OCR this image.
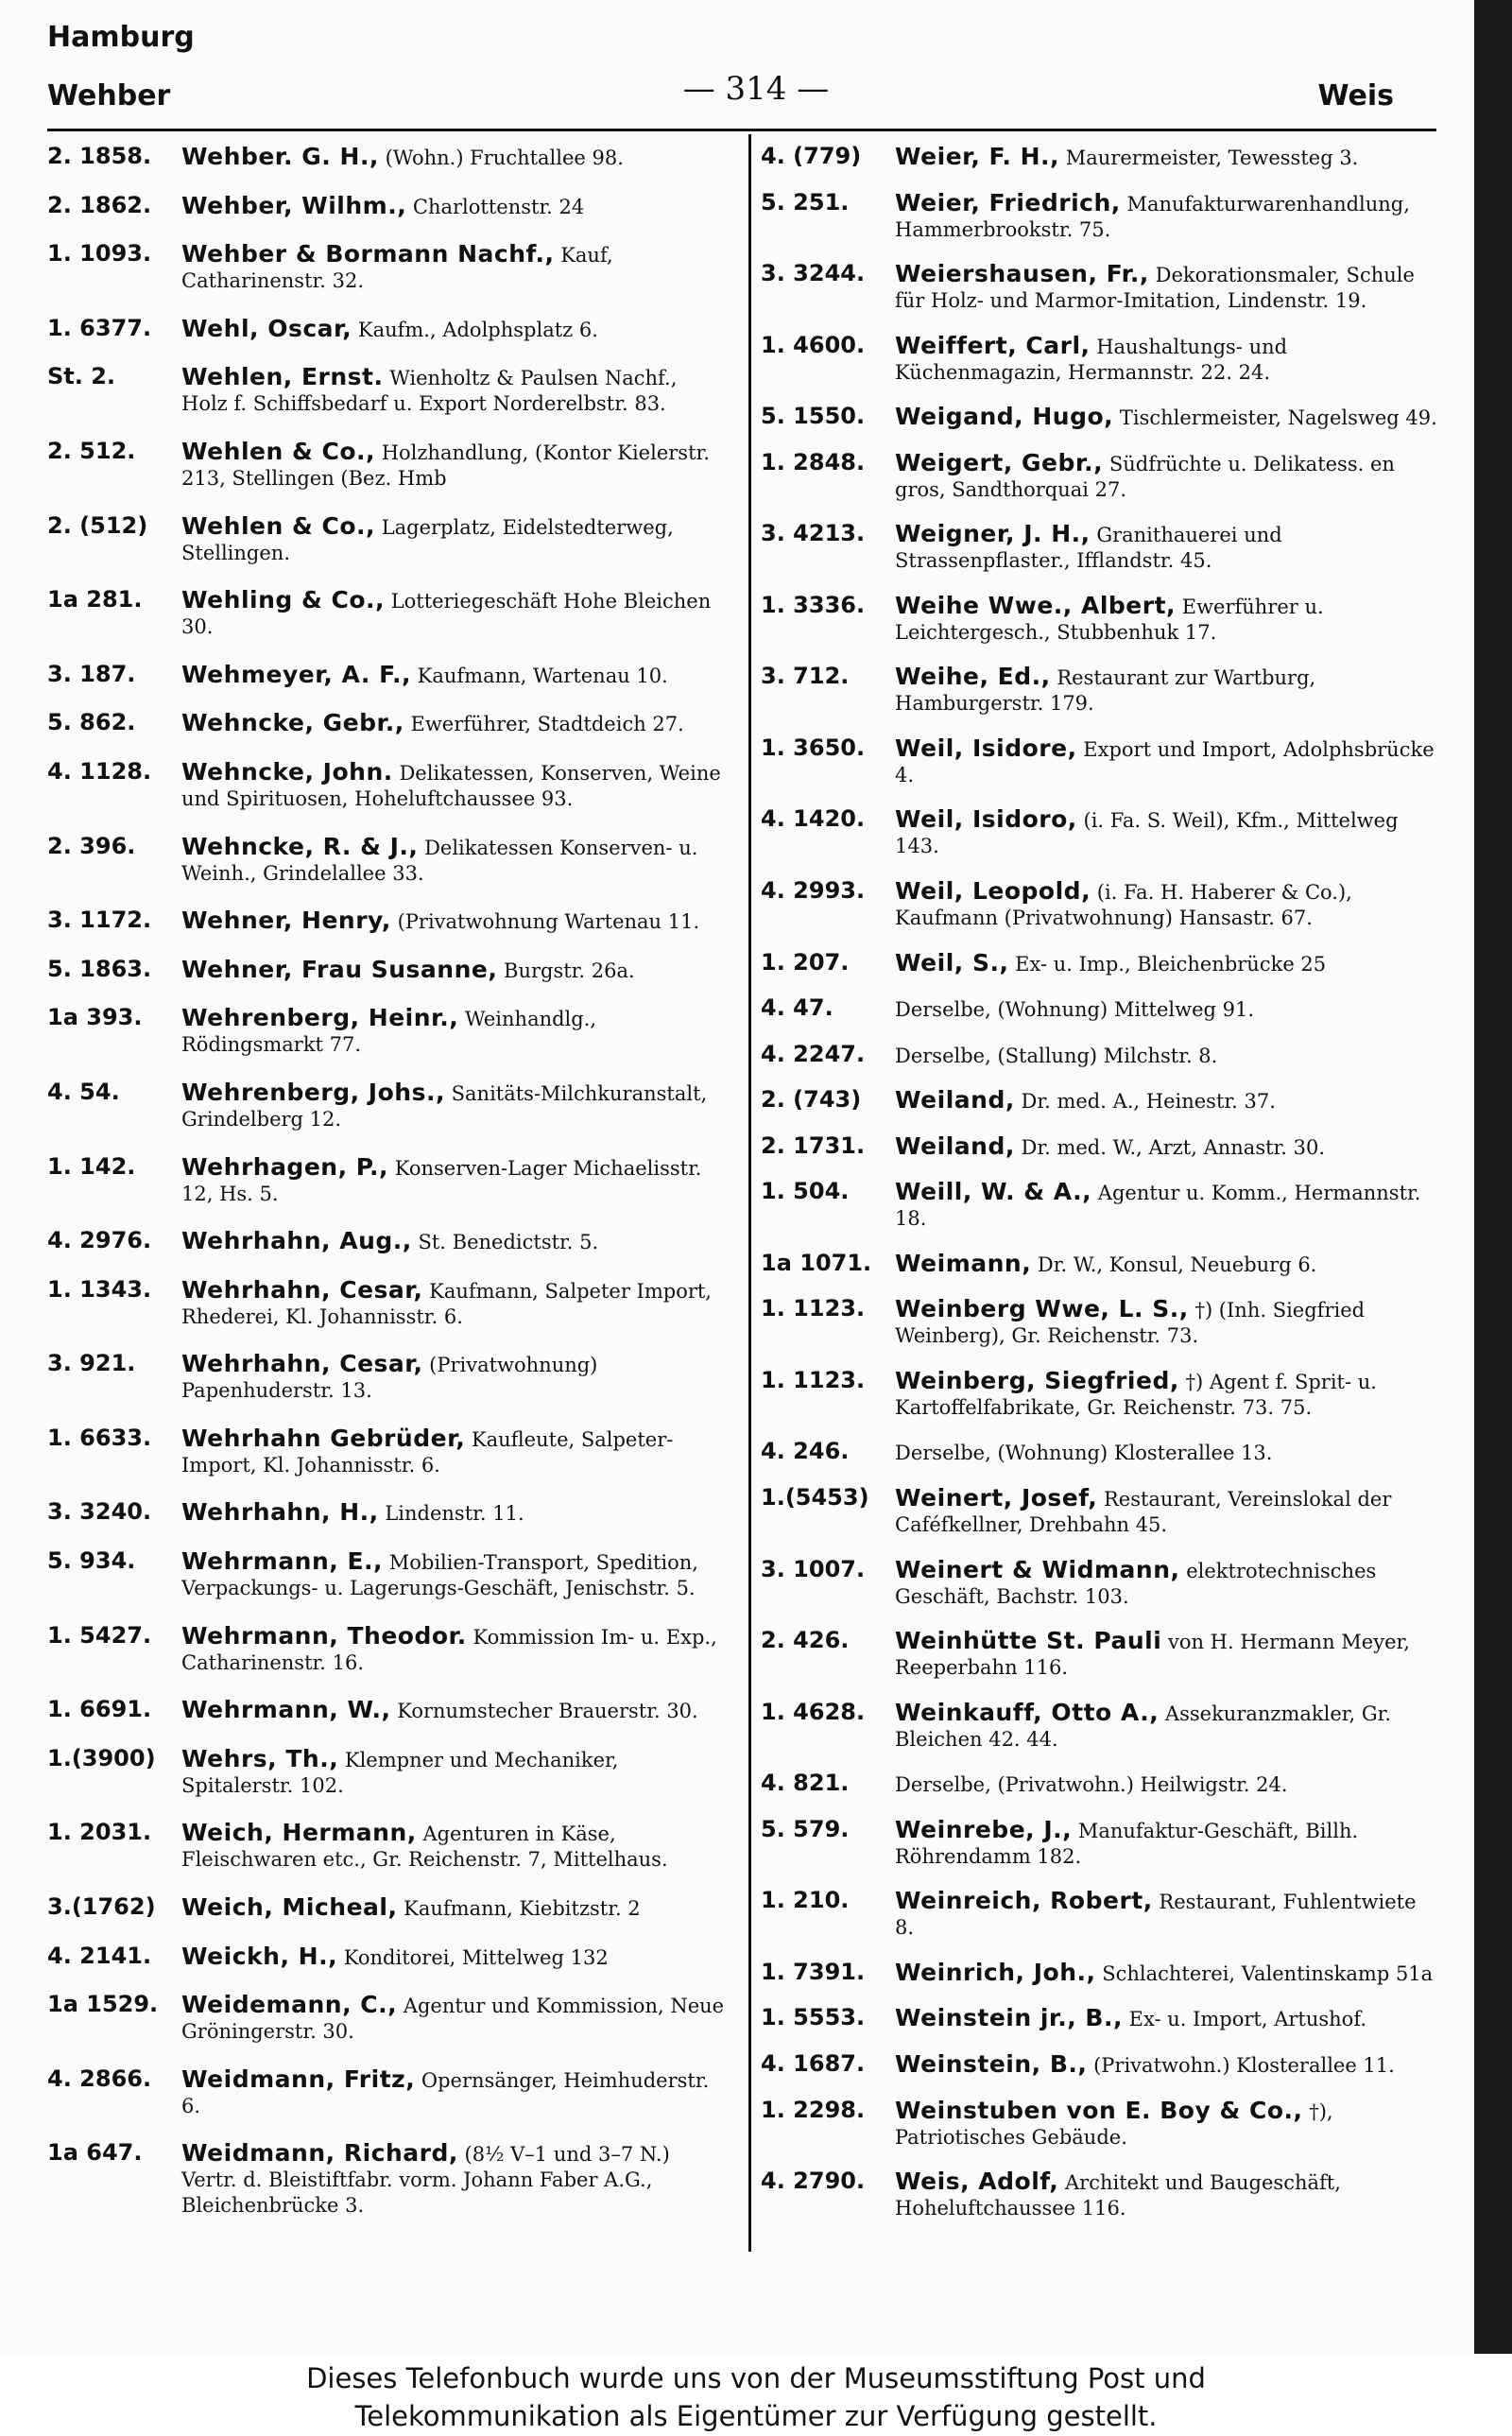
Hamburg
Wehber	— 314 —	Weis
2. 1858.	Wehber. G. H., (Wohn.) Fruchtallee 98.
2. 1862.	Wehber, Wilhm., Charlottenstr. 24
1. 1093.	Wehber & Bormann Nachf., Kauf, Catharinenstr. 32.
1. 6377.	Wehl, Oscar, Kaufm., Adolphsplatz 6.
St. 2.	Wehlen, Ernst. Wienholtz & Paulsen Nachf., Holz f. Schiffsbedarf u. Export Norderelbstr. 83.
2. 512.	Wehlen & Co., Holzhandlung, (Kontor Kielerstr. 213, Stellingen (Bez. Hmb
2. (512)	Wehlen & Co., Lagerplatz, Eidelstedterweg, Stellingen.
1a 281.	Wehling & Co., Lotteriegeschäft Hohe Bleichen 30.
3. 187.	Wehmeyer, A. F., Kaufmann, Wartenau 10.
5. 862.	Wehncke, Gebr., Ewerführer, Stadtdeich 27.
4. 1128.	Wehncke, John. Delikatessen, Konserven, Weine und Spirituosen, Hoheluftchaussee 93.
2. 396.	Wehncke, R. & J., Delikatessen Konserven- u. Weinh., Grindelallee 33.
3. 1172.	Wehner, Henry, (Privatwohnung Wartenau 11.
5. 1863.	Wehner, Frau Susanne, Burgstr. 26a.
1a 393.	Wehrenberg, Heinr., Weinhandlg., Rödingsmarkt 77.
4. 54.	Wehrenberg, Johs., Sanitäts-Milchkuranstalt, Grindelberg 12.
1. 142.	Wehrhagen, P., Konserven-Lager Michaelisstr. 12, Hs. 5.
4. 2976.	Wehrhahn, Aug., St. Benedictstr. 5.
1. 1343.	Wehrhahn, Cesar, Kaufmann, Salpeter Import, Rhederei, Kl. Johannisstr. 6.
3. 921.	Wehrhahn, Cesar, (Privatwohnung) Papenhuderstr. 13.
1. 6633.	Wehrhahn Gebrüder, Kaufleute, Salpeter-Import, Kl. Johannisstr. 6.
3. 3240.	Wehrhahn, H., Lindenstr. 11.
5. 934.	Wehrmann, E., Mobilien-Transport, Spedition, Verpackungs- u. Lagerungs-Geschäft, Jenischstr. 5.
1. 5427.	Wehrmann, Theodor. Kommission Im- u. Exp., Catharinenstr. 16.
1. 6691.	Wehrmann, W., Kornumstecher Brauerstr. 30.
1.(3900)	Wehrs, Th., Klempner und Mechaniker, Spitalerstr. 102.
1. 2031.	Weich, Hermann, Agenturen in Käse, Fleischwaren etc., Gr. Reichenstr. 7, Mittelhaus.
3.(1762)	Weich, Micheal, Kaufmann, Kiebitzstr. 2
4. 2141.	Weickh, H., Konditorei, Mittelweg 132
1a 1529. Weidemann, C., Agentur und Kommission, Neue Gröningerstr. 30.
4. 2866.	Weidmann, Fritz, Opernsänger, Heimhuderstr. 6.
1a 647.	Weidmann, Richard, (8½ V–1 und 3–7 N.) Vertr. d. Bleistiftfabr. vorm. Johann Faber A.G., Bleichenbrücke 3.
4. (779)	Weier, F. H., Maurermeister, Tewessteg 3.
5. 251.	Weier, Friedrich, Manufakturwarenhandlung, Hammerbrookstr. 75.
3. 3244.	Weiershausen, Fr., Dekorationsmaler, Schule für Holz- und Marmor-Imitation, Lindenstr. 19.
1. 4600.	Weiffert, Carl, Haushaltungs- und Küchenmagazin, Hermannstr. 22. 24.
5. 1550.	Weigand, Hugo, Tischlermeister, Nagelsweg 49.
1. 2848.	Weigert, Gebr., Südfrüchte u. Delikatess. en gros, Sandthorquai 27.
3. 4213.	Weigner, J. H., Granithauerei und Strassenpflaster., Ifflandstr. 45.
1. 3336.	Weihe Wwe., Albert, Ewerführer u. Leichtergesch., Stubbenhuk 17.
3. 712.	Weihe, Ed., Restaurant zur Wartburg, Hamburgerstr. 179.
1. 3650.	Weil, Isidore, Export und Import, Adolphsbrücke 4.
4. 1420.	Weil, Isidoro, (i. Fa. S. Weil), Kfm., Mittelweg 143.
4. 2993.	Weil, Leopold, (i. Fa. H. Haberer & Co.), Kaufmann (Privatwohnung) Hansastr. 67.
1. 207.	Weil, S., Ex- u. Imp., Bleichenbrücke 25
4. 47.	Derselbe, (Wohnung) Mittelweg 91.
4. 2247.	Derselbe, (Stallung) Milchstr. 8.
2. (743)	Weiland, Dr. med. A., Heinestr. 37.
2. 1731.	Weiland, Dr. med. W., Arzt, Annastr. 30.
1. 504.	Weill, W. & A., Agentur u. Komm., Hermannstr. 18.
1a 1071. Weimann, Dr. W., Konsul, Neueburg 6.
1. 1123.	Weinberg Wwe, L. S., †) (Inh. Siegfried Weinberg), Gr. Reichenstr. 73.
1. 1123.	Weinberg, Siegfried, †) Agent f. Sprit- u. Kartoffelfabrikate, Gr. Reichenstr. 73. 75.
4. 246.	Derselbe, (Wohnung) Klosterallee 13.
1.(5453)	Weinert, Josef, Restaurant, Vereinslokal der Caféfkellner, Drehbahn 45.
3. 1007.	Weinert & Widmann, elektrotechnisches Geschäft, Bachstr. 103.
2. 426.	Weinhütte St. Pauli von H. Hermann Meyer, Reeperbahn 116.
1. 4628.	Weinkauff, Otto A., Assekuranzmakler, Gr. Bleichen 42. 44.
4. 821.	Derselbe, (Privatwohn.) Heilwigstr. 24.
5. 579.	Weinrebe, J., Manufaktur-Geschäft, Billh. Röhrendamm 182.
1. 210.	Weinreich, Robert, Restaurant, Fuhlentwiete 8.
1. 7391.	Weinrich, Joh., Schlachterei, Valentinskamp 51a
1. 5553.	Weinstein jr., B., Ex- u. Import, Artushof.
4. 1687.	Weinstein, B., (Privatwohn.) Klosterallee 11.
1. 2298.	Weinstuben von E. Boy & Co., †), Patriotisches Gebäude.
4. 2790.	Weis, Adolf, Architekt und Baugeschäft, Hoheluftchaussee 116.
Dieses Telefonbuch wurde uns von der Museumsstiftung Post und
Telekommunikation als Eigentümer zur Verfügung gestellt.
